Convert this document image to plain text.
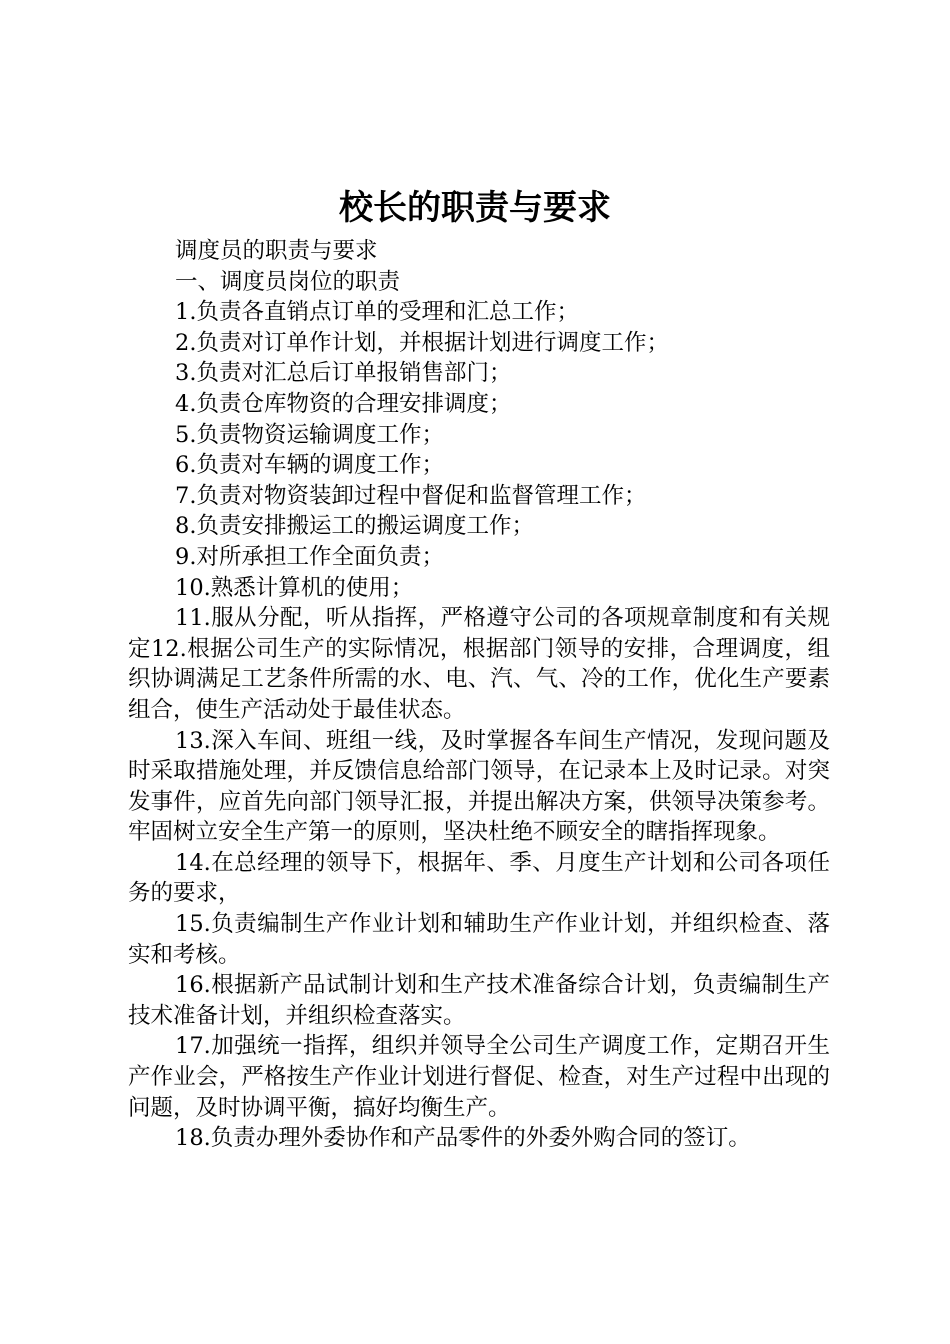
校长的职责与要求

调度员的职责与要求

一、调度员岗位的职责

1.负责各直销点订单的受理和汇总工作；

2.负责对订单作计划，并根据计划进行调度工作；

3.负责对汇总后订单报销售部门；

4.负责仓库物资的合理安排调度；

5.负责物资运输调度工作；

6.负责对车辆的调度工作；

7.负责对物资装卸过程中督促和监督管理工作；

8.负责安排搬运工的搬运调度工作；

9.对所承担工作全面负责；

10.熟悉计算机的使用；

11.服从分配，听从指挥，严格遵守公司的各项规章制度和有关规定12.根据公司生产的实际情况，根据部门领导的安排，合理调度，组织协调满足工艺条件所需的水、电、汽、气、冷的工作，优化生产要素组合，使生产活动处于最佳状态。

13.深入车间、班组一线，及时掌握各车间生产情况，发现问题及时采取措施处理，并反馈信息给部门领导，在记录本上及时记录。对突发事件，应首先向部门领导汇报，并提出解决方案，供领导决策参考。牢固树立安全生产第一的原则，坚决杜绝不顾安全的瞎指挥现象。

14.在总经理的领导下，根据年、季、月度生产计划和公司各项任务的要求，

15.负责编制生产作业计划和辅助生产作业计划，并组织检查、落实和考核。

16.根据新产品试制计划和生产技术准备综合计划，负责编制生产技术准备计划，并组织检查落实。

17.加强统一指挥，组织并领导全公司生产调度工作，定期召开生产作业会，严格按生产作业计划进行督促、检查，对生产过程中出现的问题，及时协调平衡，搞好均衡生产。

18.负责办理外委协作和产品零件的外委外购合同的签订。
